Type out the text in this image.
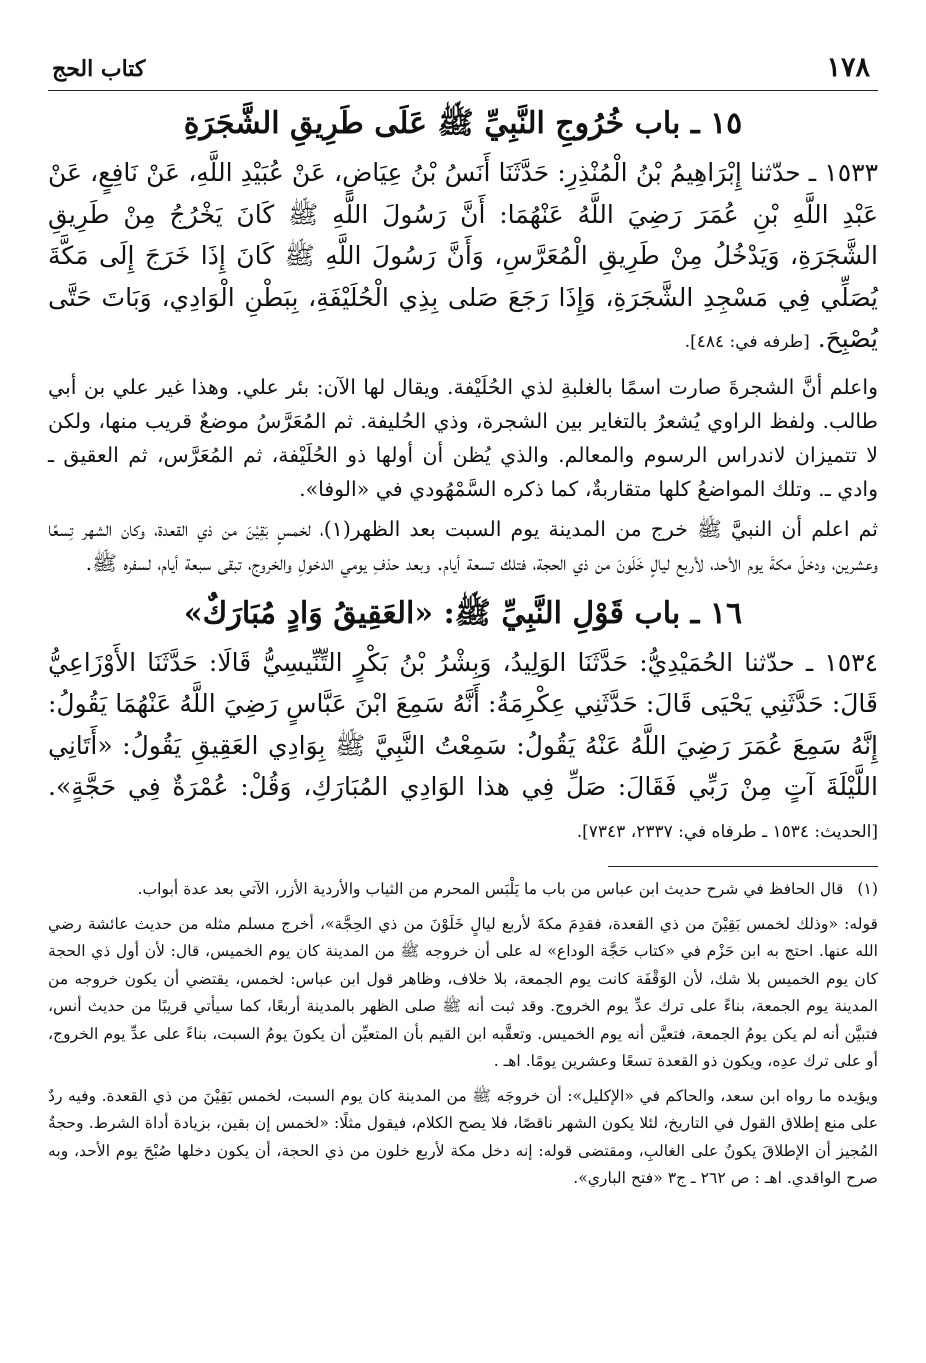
١٧٨
كتاب الحج
١٥ ـ باب خُرُوجِ النَّبِيِّ ﷺ عَلَى طَرِيقِ الشَّجَرَةِ

١٥٣٣ ـ حدّثنا إِبْرَاهِيمُ بْنُ الْمُنْذِرِ: حَدَّثَنَا أَنَسُ بْنُ عِيَاضٍ، عَنْ عُبَيْدِ اللَّهِ، عَنْ نَافِعٍ، عَنْ عَبْدِ اللَّهِ بْنِ عُمَرَ رَضِيَ اللَّهُ عَنْهُمَا: أَنَّ رَسُولَ اللَّهِ ﷺ كَانَ يَخْرُجُ مِنْ طَرِيقِ الشَّجَرَةِ، وَيَدْخُلُ مِنْ طَرِيقِ الْمُعَرَّسِ، وَأَنَّ رَسُولَ اللَّهِ ﷺ كَانَ إِذَا خَرَجَ إِلَى مَكَّةَ يُصَلِّي فِي مَسْجِدِ الشَّجَرَةِ، وَإِذَا رَجَعَ صَلى بِذِي الْحُلَيْفَةِ، بِبَطْنِ الْوَادِي، وَبَاتَ حَتَّى يُصْبِحَ. [طرفه في: ٤٨٤].

واعلم أنَّ الشجرةَ صارت اسمًا بالغلبةِ لذي الحُلَيْفة. ويقال لها الآن: بئر علي. وهذا غير علي بن أبي طالب. ولفظ الراوي يُشعرُ بالتغاير بين الشجرة، وذي الحُليفة. ثم المُعَرَّسُ موضعٌ قريب منها، ولكن لا تتميزان لاندراس الرسوم والمعالم. والذي يُظن أن أولها ذو الحُلَيْفة، ثم المُعَرَّس، ثم العقيق ـ وادي ـ. وتلك المواضعُ كلها متقاربةٌ، كما ذكره السَّمْهُودي في «الوفا».

ثم اعلم أن النبيَّ ﷺ خرج من المدينة يوم السبت بعد الظهر(١)، لخمسٍ بَقِيْنَ من ذي القعدة، وكان الشهر تِسعًا وعشرين، ودخلَ مكةَ يوم الأحد، لأربع ليالٍ خَلَونَ من ذي الحجة، فتلك تسعة أيام. وبعد حذفِ يومي الدخولِ والخروج، تبقى سبعة أيام، لسفره ﷺ.

١٦ ـ باب قَوْلِ النَّبِيِّ ﷺ: «العَقِيقُ وَادٍ مُبَارَكٌ»

١٥٣٤ ـ حدّثنا الحُمَيْدِيُّ: حَدَّثَنَا الوَلِيدُ، وَبِشْرُ بْنُ بَكْرٍ التِّنِّيسِيُّ قَالَا: حَدَّثَنَا الأَوْزَاعِيُّ قَالَ: حَدَّثَنِي يَحْيَى قَالَ: حَدَّثَنِي عِكْرِمَةُ: أَنَّهُ سَمِعَ ابْنَ عَبَّاسٍ رَضِيَ اللَّهُ عَنْهُمَا يَقُولُ: إِنَّهُ سَمِعَ عُمَرَ رَضِيَ اللَّهُ عَنْهُ يَقُولُ: سَمِعْتُ النَّبِيَّ ﷺ بِوَادِي العَقِيقِ يَقُولُ: «أَتَانِي اللَّيْلَةَ آتٍ مِنْ رَبِّي فَقَالَ: صَلِّ فِي هذا الوَادِي المُبَارَكِ، وَقُلْ: عُمْرَةٌ فِي حَجَّةٍ». [الحديث: ١٥٣٤ ـ طرفاه في: ٢٣٣٧، ٧٣٤٣].

(١)
قال الحافظ في شرح حديث ابن عباس من باب ما يَلْبَس المحرم من الثياب والأردية الأزر، الآتي بعد عدة أبواب.

قوله: «وذلك لخمس بَقِيْنَ من ذي القعدة، فقدِمَ مكةَ لأربع ليالٍ خَلَوْنَ من ذي الحِجَّة»، أخرج مسلم مثله من حديث عائشة رضي الله عنها. احتج به ابن حَزْم في «كتاب حَجَّة الوداع» له على أن خروجه ﷺ من المدينة كان يوم الخميس، قال: لأن أول ذي الحجة كان يوم الخميس بلا شك، لأن الوَقْفَة كانت يوم الجمعة، بلا خلاف، وظاهر قول ابن عباس: لخمس، يقتضي أن يكون خروجه من المدينة يوم الجمعة، بناءً على ترك عدِّ يوم الخروج. وقد ثبت أنه ﷺ صلى الظهر بالمدينة أربعًا، كما سيأتي قريبًا من حديث أنس، فتبيَّن أنه لم يكن يومُ الجمعة، فتعيَّن أنه يوم الخميس. وتعقَّبه ابن القيم بأن المتعيِّن أن يكونَ يومُ السبت، بناءً على عدِّ يوم الخروج، أو على ترك عدِه، ويكون ذو القعدة تسعًا وعشرين يومًا. اهـ .

ويؤيده ما رواه ابن سعد، والحاكم في «الإكليل»: أن خروجَه ﷺ من المدينة كان يوم السبت، لخمس بَقِيْنَ من ذي القعدة. وفيه ردٌ على منع إطلاق القول في التاريخ، لئلا يكون الشهر ناقصًا، فلا يصح الكلام، فيقول مثلًا: «لخمس إن بقين، بزيادة أداة الشرط. وحجةُ المُجيز أن الإطلاقَ يكونُ على الغالبِ، ومقتضى قوله: إنه دخل مكة لأربع خلون من ذي الحجة، أن يكون دخلها صُبْحَ يوم الأحد، وبه صرح الواقدي. اهـ : ص ٢٦٢ ـ ج٣ «فتح الباري».
